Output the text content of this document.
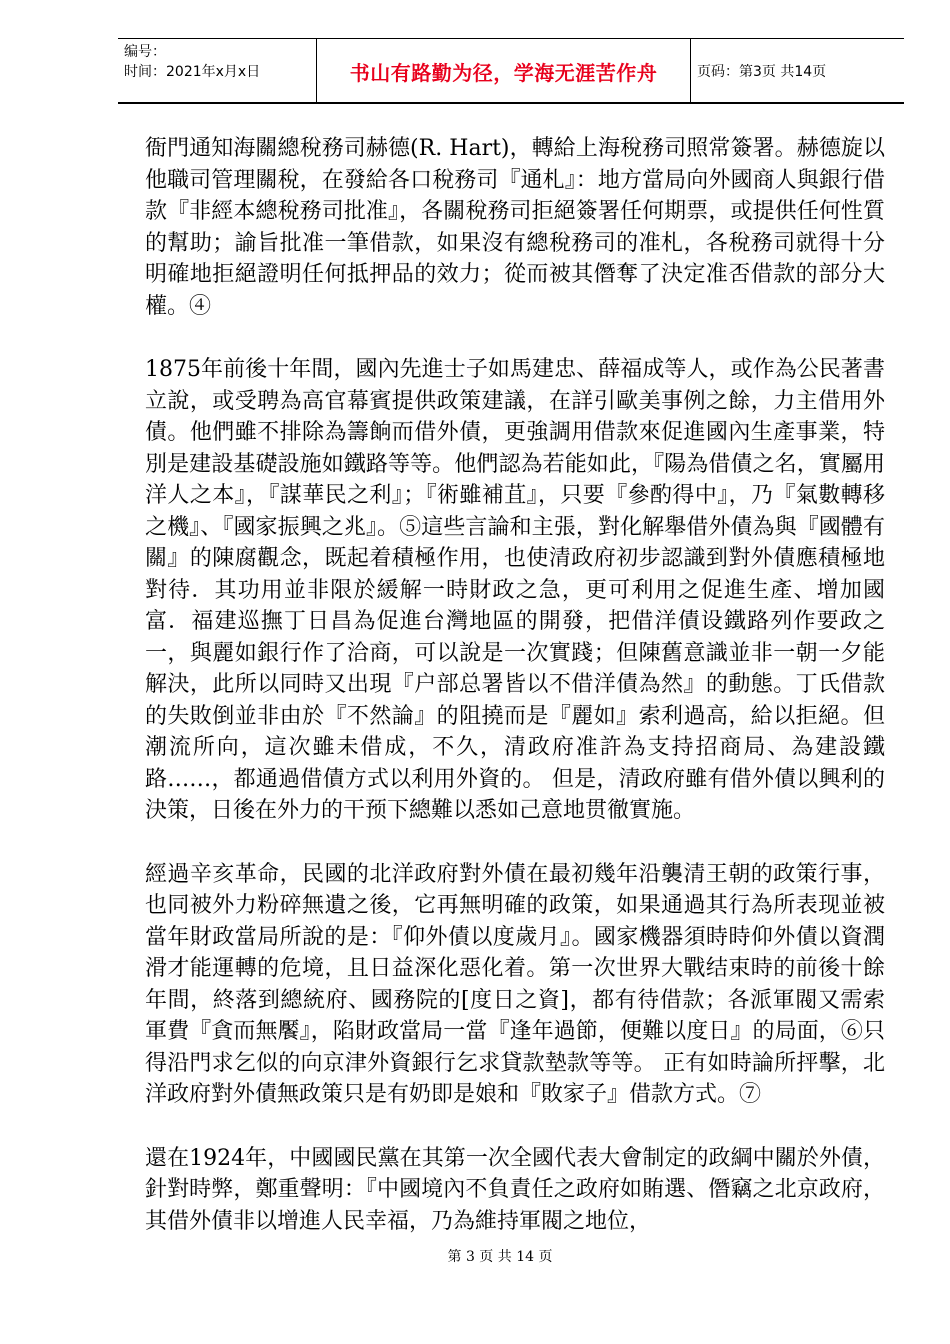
编号：
时间：2021年x月x日	书山有路勤为径，学海无涯苦作舟	页码：第3页 共14页

衙門通知海關總稅務司赫德(R. Hart)，轉給上海稅務司照常簽署。赫德旋以他職司管理關稅，在發給各口稅務司『通札』：地方當局向外國商人與銀行借款『非經本總稅務司批准』，各關稅務司拒絕簽署任何期票，或提供任何性質的幫助；諭旨批准一筆借款，如果沒有總稅務司的准札，各稅務司就得十分明確地拒絕證明任何抵押品的效力；從而被其僭奪了決定准否借款的部分大權。④

1875年前後十年間，國內先進士子如馬建忠、薛福成等人，或作為公民著書立說，或受聘為高官幕賓提供政策建議，在詳引歐美事例之餘，力主借用外債。他們雖不排除為籌餉而借外債，更強調用借款來促進國內生產事業，特別是建設基礎設施如鐵路等等。他們認為若能如此，『陽為借債之名，實屬用洋人之本』，『謀華民之利』；『術雖補苴』，只要『參酌得中』，乃『氣數轉移之機』、『國家振興之兆』。⑤這些言論和主張，對化解舉借外債為與『國體有關』的陳腐觀念，既起着積極作用，也使清政府初步認識到對外債應積極地對待．其功用並非限於緩解一時財政之急，更可利用之促進生產、增加國富．福建巡撫丁日昌為促進台灣地區的開發，把借洋債设鐵路列作要政之一，與麗如銀行作了洽商，可以說是一次實踐；但陳舊意識並非一朝一夕能解決，此所以同時又出現『户部总署皆以不借洋債為然』的動態。丁氏借款的失敗倒並非由於『不然論』的阻撓而是『麗如』索利過高，給以拒絕。但潮流所向，這次雖未借成，不久，清政府准許為支持招商局、為建設鐵路……，都通過借債方式以利用外資的。 但是，清政府雖有借外債以興利的決策，日後在外力的干预下總難以悉如己意地贯徹實施。

經過辛亥革命，民國的北洋政府對外債在最初幾年沿襲清王朝的政策行事，也同被外力粉碎無遺之後，它再無明確的政策，如果通過其行為所表现並被當年財政當局所說的是：『仰外債以度歲月』。國家機器須時時仰外債以資潤滑才能運轉的危境，且日益深化惡化着。第一次世界大戰结束時的前後十餘年間，終落到總統府、國務院的[度日之資]，都有待借款；各派軍閥又需索軍費『貪而無饜』，陷財政當局一當『逢年過節，便難以度日』的局面，⑥只得沿門求乞似的向京津外資銀行乞求貸款墊款等等。 正有如時論所抨擊，北洋政府對外債無政策只是有奶即是娘和『敗家子』借款方式。⑦

還在1924年，中國國民黨在其第一次全國代表大會制定的政綱中關於外債，針對時弊，鄭重聲明：『中國境內不負責任之政府如賄選、僭竊之北京政府，其借外債非以增進人民幸福，乃為維持軍閥之地位，

第 3 页 共 14 页
